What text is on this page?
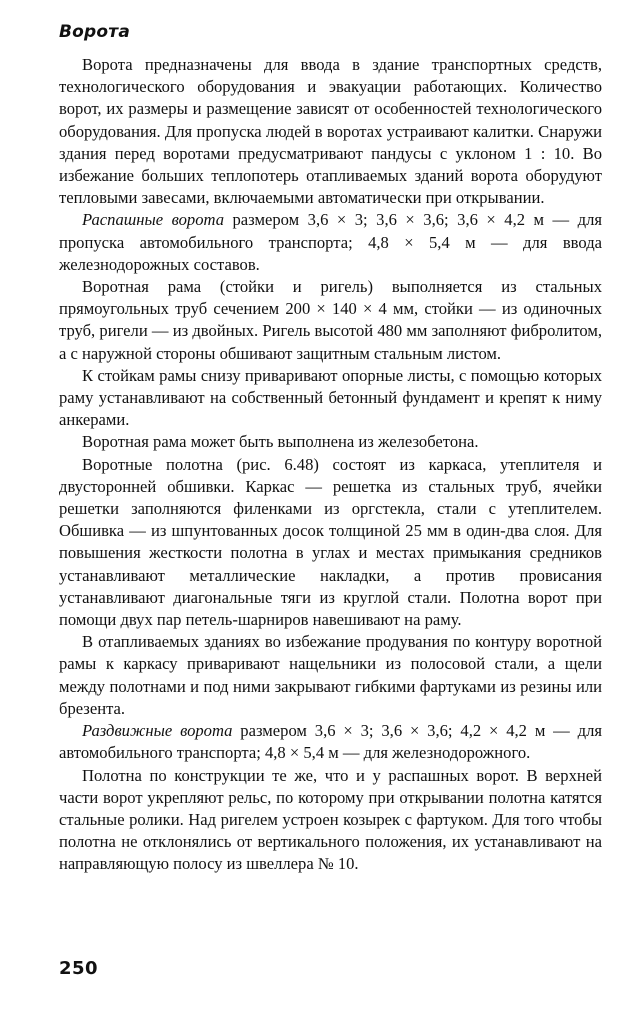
Ворота

Ворота предназначены для ввода в здание транспортных средств, технологического оборудования и эвакуации работающих. Количество ворот, их размеры и размещение зависят от особенностей технологического оборудования. Для пропуска людей в воротах устраивают калитки. Снаружи здания перед воротами предусматривают пандусы с уклоном 1 : 10. Во избежание больших теплопотерь отапливаемых зданий ворота оборудуют тепловыми завесами, включаемыми автоматически при открывании.

Распашные ворота размером 3,6 × 3; 3,6 × 3,6; 3,6 × 4,2 м — для пропуска автомобильного транспорта; 4,8 × 5,4 м — для ввода железнодорожных составов.

Воротная рама (стойки и ригель) выполняется из стальных прямоугольных труб сечением 200 × 140 × 4 мм, стойки — из одиночных труб, ригели — из двойных. Ригель высотой 480 мм заполняют фибролитом, а с наружной стороны обшивают защитным стальным листом.

К стойкам рамы снизу приваривают опорные листы, с помощью которых раму устанавливают на собственный бетонный фундамент и крепят к ниму анкерами.

Воротная рама может быть выполнена из железобетона.

Воротные полотна (рис. 6.48) состоят из каркаса, утеплителя и двусторонней обшивки. Каркас — решетка из стальных труб, ячейки решетки заполняются филенками из оргстекла, стали с утеплителем. Обшивка — из шпунтованных досок толщиной 25 мм в один-два слоя. Для повышения жесткости полотна в углах и местах примыкания средников устанавливают металлические накладки, а против провисания устанавливают диагональные тяги из круглой стали. Полотна ворот при помощи двух пар петель-шарниров навешивают на раму.

В отапливаемых зданиях во избежание продувания по контуру воротной рамы к каркасу приваривают нащельники из полосовой стали, а щели между полотнами и под ними закрывают гибкими фартуками из резины или брезента.

Раздвижные ворота размером 3,6 × 3; 3,6 × 3,6; 4,2 × 4,2 м — для автомобильного транспорта; 4,8 × 5,4 м — для железнодорожного.

Полотна по конструкции те же, что и у распашных ворот. В верхней части ворот укрепляют рельс, по которому при открывании полотна катятся стальные ролики. Над ригелем устроен козырек с фартуком. Для того чтобы полотна не отклонялись от вертикального положения, их устанавливают на направляющую полосу из швеллера № 10.

250
